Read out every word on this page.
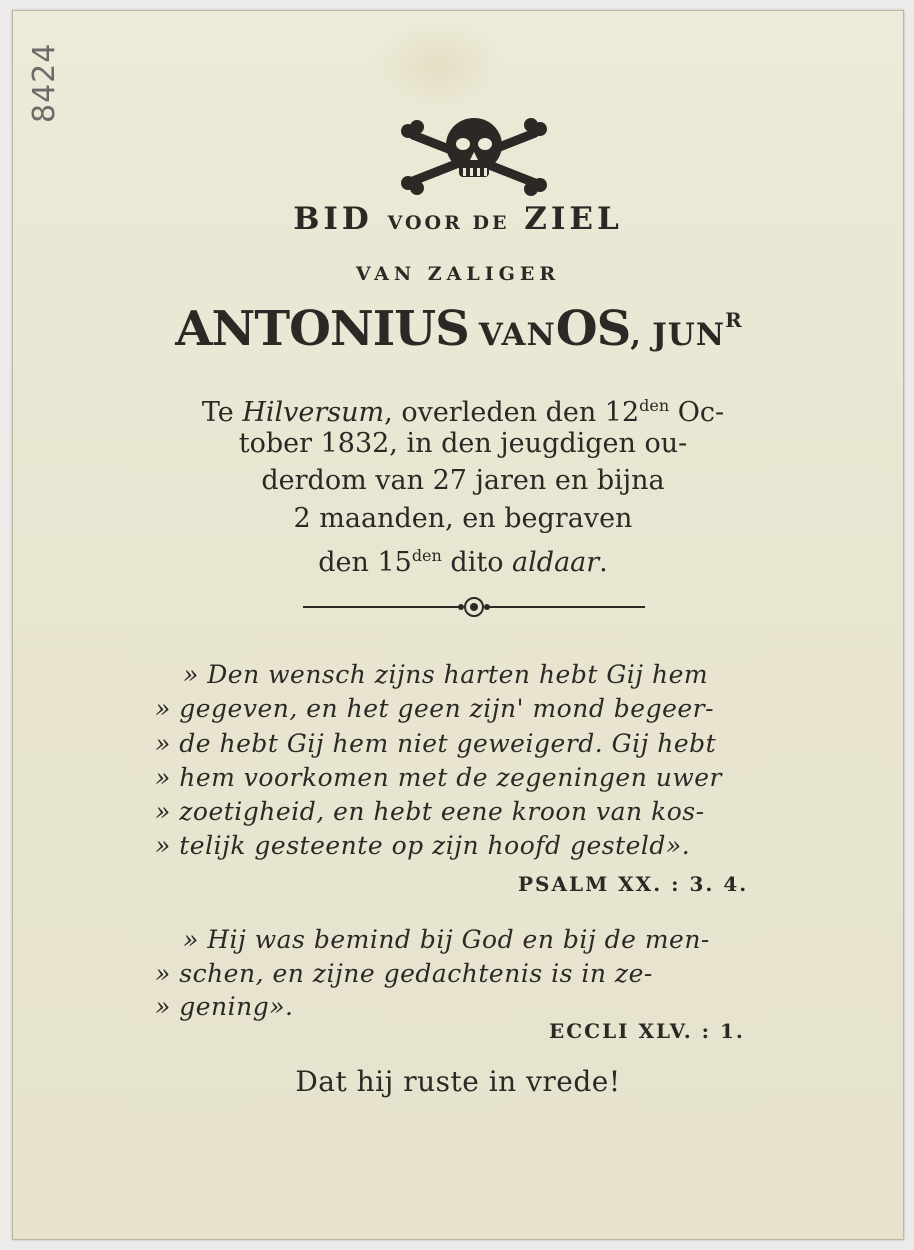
8424
BID VOOR DE ZIEL
VAN ZALIGER
ANTONIUS VANOS, $JUN^R$
Te Hilversum, overleden den $12^{den}$ Oc-
tober 1832, in den jeugdigen ou-
derdom van 27 jaren en bijna
2 maanden, en begraven
den $15^{den}$ dito aldaar.
» Den wensch zijns harten hebt Gij hem
» gegeven, en het geen zijn' mond begeer-
» de hebt Gij hem niet geweigerd. Gij hebt
» hem voorkomen met de zegeningen uwer
» zoetigheid, en hebt eene kroon van kos-
» telijk gesteente op zijn hoofd gesteld».
PSALM XX. : 3. 4.
» Hij was bemind bij God en bij de men-
» schen, en zijne gedachtenis is in ze-
» gening».
ECCLI XLV. : 1.
Dat hij ruste in vrede!
